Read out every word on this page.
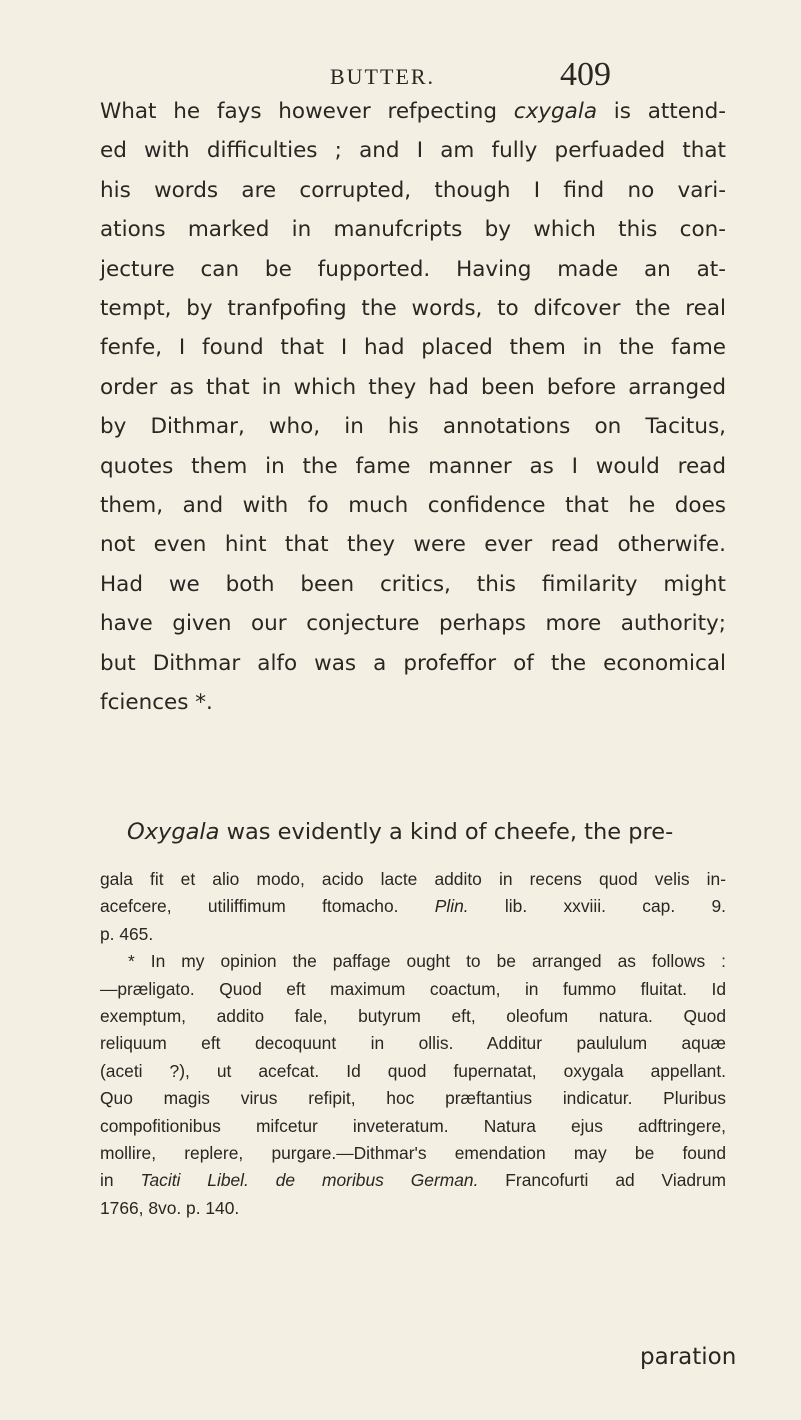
BUTTER.	409
What he fays however refpecting cxygala is attend-
ed with difficulties ; and I am fully perfuaded that
his words are corrupted, though I find no vari-
ations marked in manufcripts by which this con-
jecture can be fupported. Having made an at-
tempt, by tranfpofing the words, to difcover the real
fenfe, I found that I had placed them in the fame
order as that in which they had been before arranged
by Dithmar, who, in his annotations on Tacitus,
quotes them in the fame manner as I would read
them, and with fo much confidence that he does
not even hint that they were ever read otherwife.
Had we both been critics, this fimilarity might
have given our conjecture perhaps more authority;
but Dithmar alfo was a profeffor of the economical
fciences *.
Oxygala was evidently a kind of cheefe, the pre-
gala fit et alio modo, acido lacte addito in recens quod velis in-
acefcere, utiliffimum ftomacho. Plin. lib. xxviii. cap. 9.
p. 465.
* In my opinion the paffage ought to be arranged as follows :
—præligato. Quod eft maximum coactum, in fummo fluitat. Id
exemptum, addito fale, butyrum eft, oleofum natura. Quod
reliquum eft decoquunt in ollis. Additur paululum aquæ
(aceti ?), ut acefcat. Id quod fupernatat, oxygala appellant.
Quo magis virus refipit, hoc præftantius indicatur. Pluribus
compofitionibus mifcetur inveteratum. Natura ejus adftringere,
mollire, replere, purgare.—Dithmar's emendation may be found
in Taciti Libel. de moribus German. Francofurti ad Viadrum
1766, 8vo. p. 140.
paration
